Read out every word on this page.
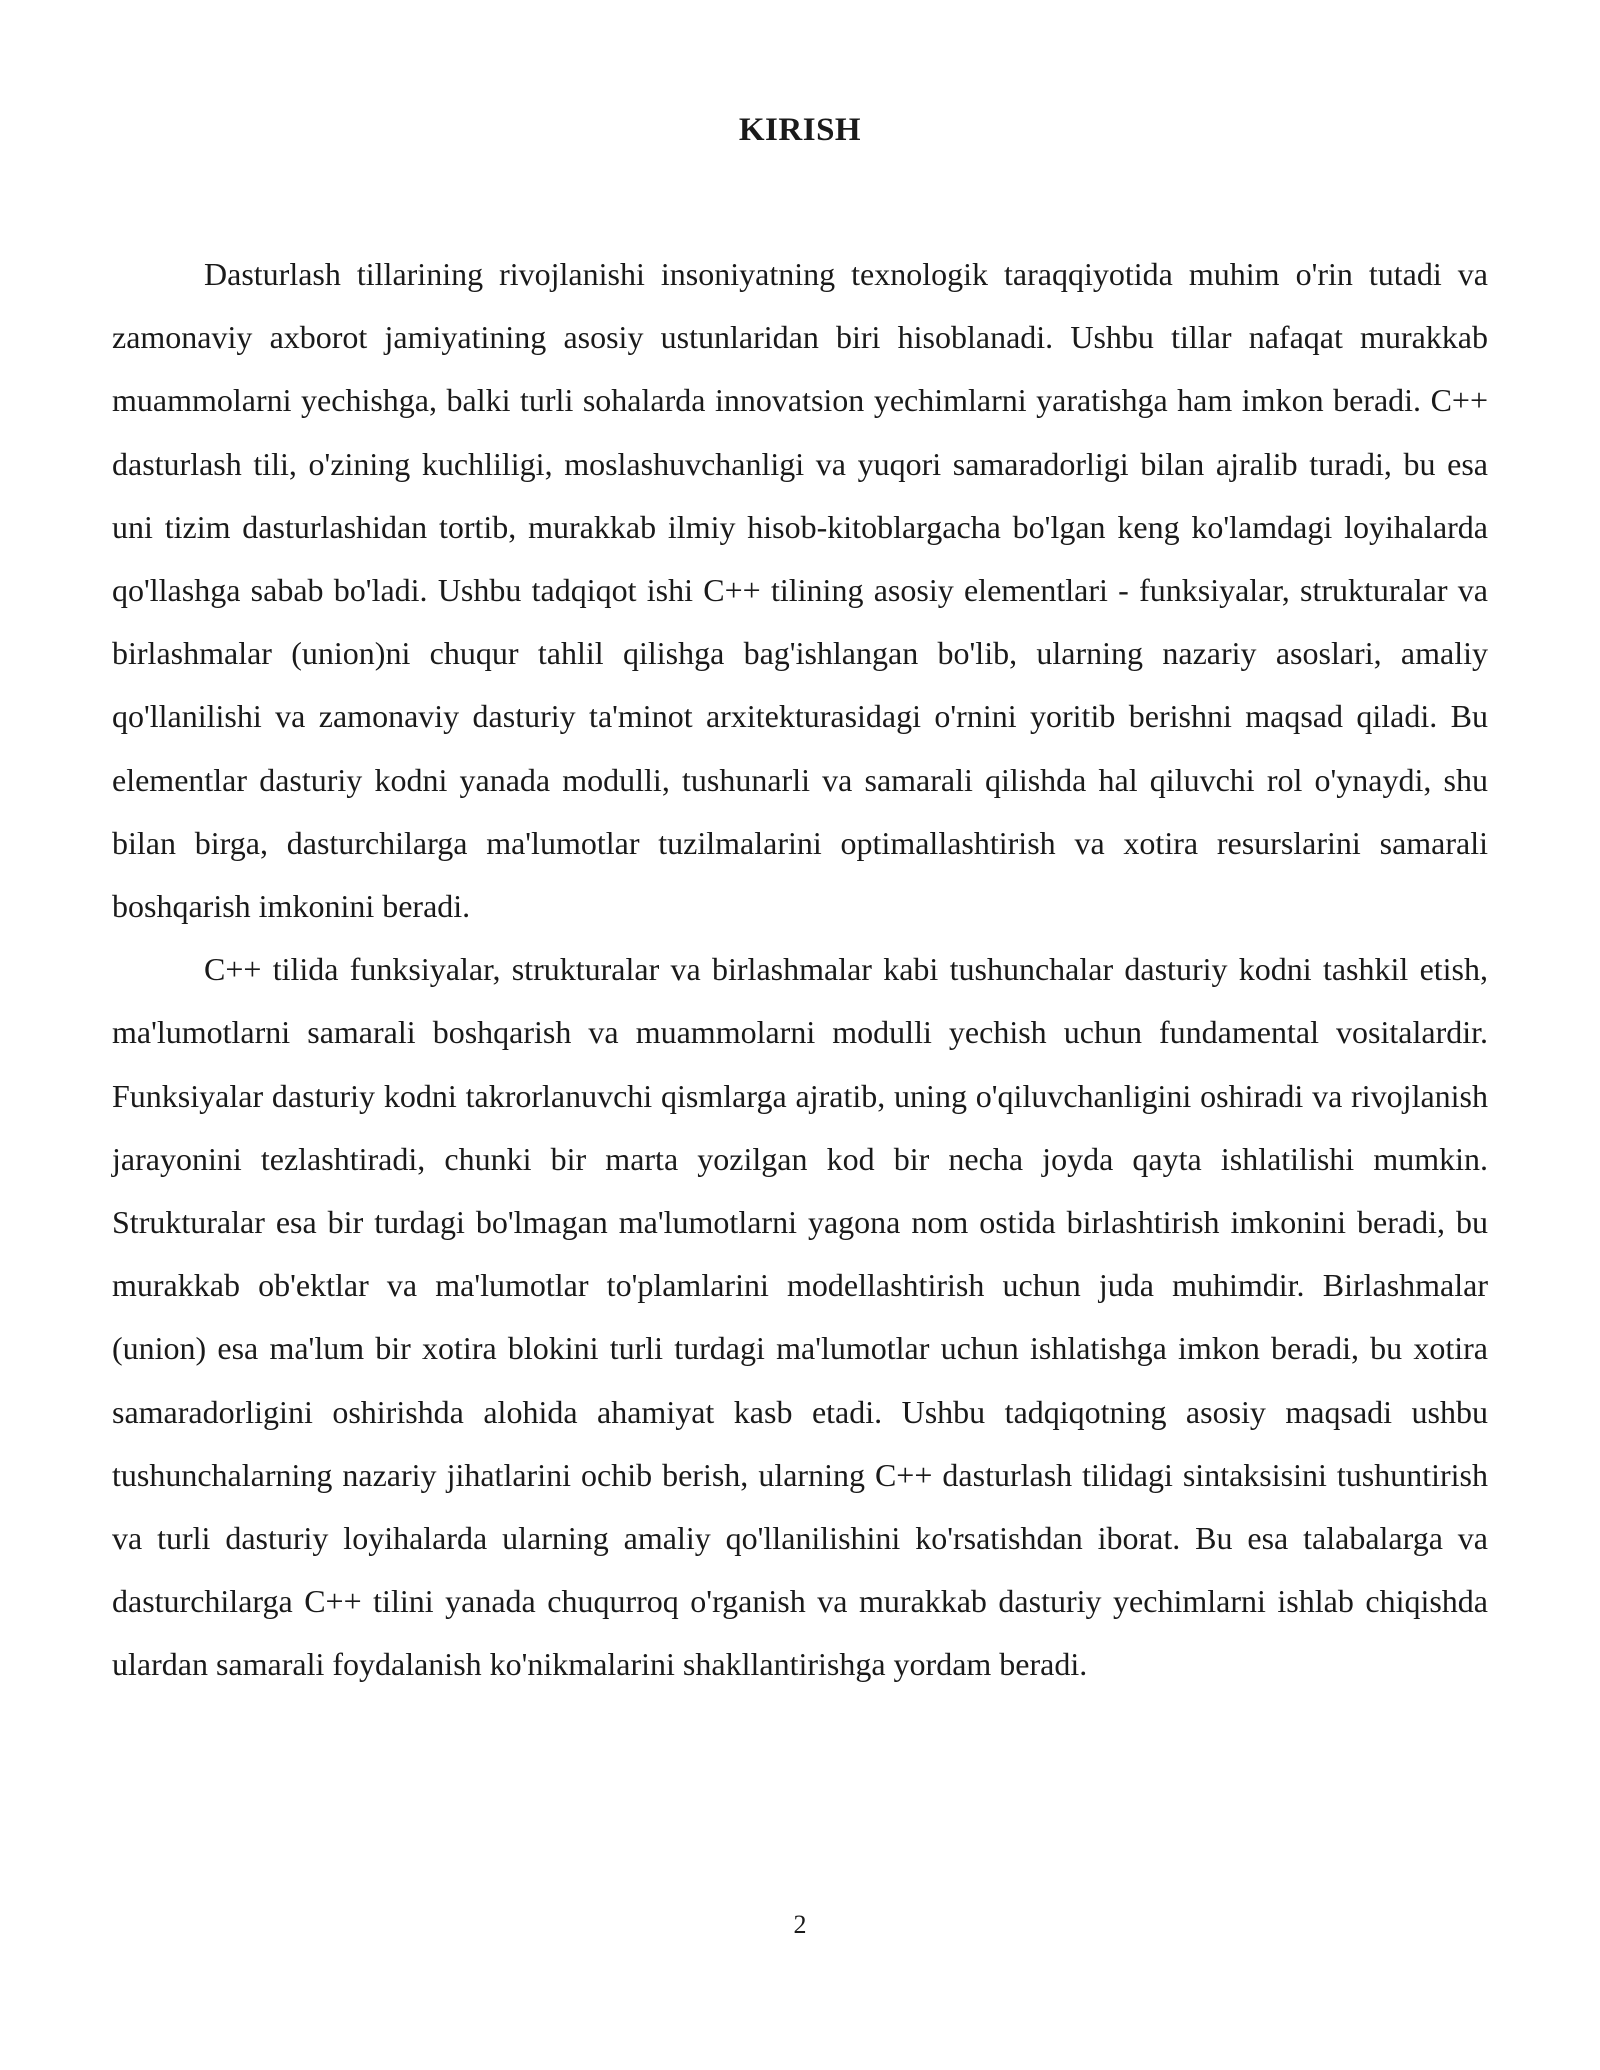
KIRISH

Dasturlash tillarining rivojlanishi insoniyatning texnologik taraqqiyotida muhim o'rin tutadi va zamonaviy axborot jamiyatining asosiy ustunlaridan biri hisoblanadi. Ushbu tillar nafaqat murakkab muammolarni yechishga, balki turli sohalarda innovatsion yechimlarni yaratishga ham imkon beradi. C++ dasturlash tili, o'zining kuchliligi, moslashuvchanligi va yuqori samaradorligi bilan ajralib turadi, bu esa uni tizim dasturlashidan tortib, murakkab ilmiy hisob-kitoblargacha bo'lgan keng ko'lamdagi loyihalarda qo'llashga sabab bo'ladi. Ushbu tadqiqot ishi C++ tilining asosiy elementlari - funksiyalar, strukturalar va birlashmalar (union)ni chuqur tahlil qilishga bag'ishlangan bo'lib, ularning nazariy asoslari, amaliy qo'llanilishi va zamonaviy dasturiy ta'minot arxitekturasidagi o'rnini yoritib berishni maqsad qiladi. Bu elementlar dasturiy kodni yanada modulli, tushunarli va samarali qilishda hal qiluvchi rol o'ynaydi, shu bilan birga, dasturchilarga ma'lumotlar tuzilmalarini optimallashtirish va xotira resurslarini samarali boshqarish imkonini beradi.

C++ tilida funksiyalar, strukturalar va birlashmalar kabi tushunchalar dasturiy kodni tashkil etish, ma'lumotlarni samarali boshqarish va muammolarni modulli yechish uchun fundamental vositalardir. Funksiyalar dasturiy kodni takrorlanuvchi qismlarga ajratib, uning o'qiluvchanligini oshiradi va rivojlanish jarayonini tezlashtiradi, chunki bir marta yozilgan kod bir necha joyda qayta ishlatilishi mumkin. Strukturalar esa bir turdagi bo'lmagan ma'lumotlarni yagona nom ostida birlashtirish imkonini beradi, bu murakkab ob'ektlar va ma'lumotlar to'plamlarini modellashtirish uchun juda muhimdir. Birlashmalar (union) esa ma'lum bir xotira blokini turli turdagi ma'lumotlar uchun ishlatishga imkon beradi, bu xotira samaradorligini oshirishda alohida ahamiyat kasb etadi. Ushbu tadqiqotning asosiy maqsadi ushbu tushunchalarning nazariy jihatlarini ochib berish, ularning C++ dasturlash tilidagi sintaksisini tushuntirish va turli dasturiy loyihalarda ularning amaliy qo'llanilishini ko'rsatishdan iborat. Bu esa talabalarga va dasturchilarga C++ tilini yanada chuqurroq o'rganish va murakkab dasturiy yechimlarni ishlab chiqishda ulardan samarali foydalanish ko'nikmalarini shakllantirishga yordam beradi.

2
